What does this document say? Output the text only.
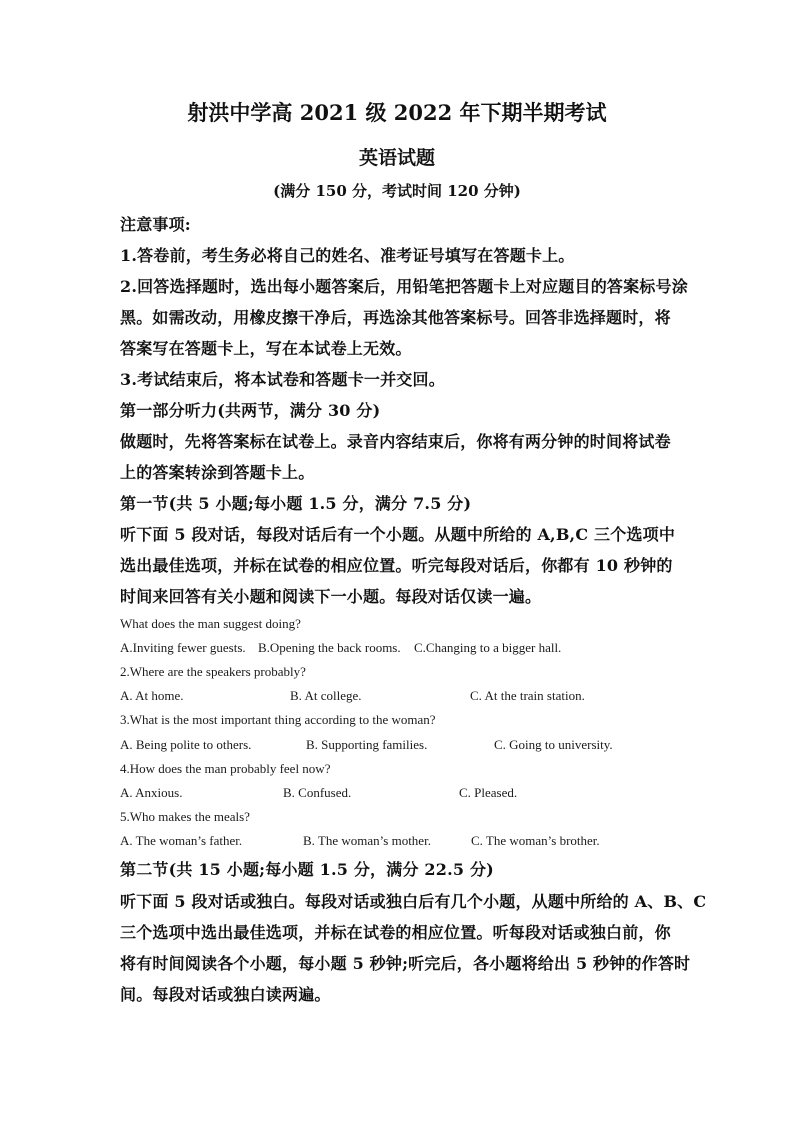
射洪中学高 2021 级 2022 年下期半期考试
英语试题
(满分 150 分，考试时间 120 分钟)
注意事项:
1.答卷前，考生务必将自己的姓名、准考证号填写在答题卡上。
2.回答选择题时，选出每小题答案后，用铅笔把答题卡上对应题目的答案标号涂
黑。如需改动，用橡皮擦干净后，再选涂其他答案标号。回答非选择题时，将
答案写在答题卡上，写在本试卷上无效。
3.考试结束后，将本试卷和答题卡一并交回。
第一部分听力(共两节，满分 30 分)
做题时，先将答案标在试卷上。录音内容结束后，你将有两分钟的时间将试卷
上的答案转涂到答题卡上。
第一节(共 5 小题;每小题 1.5 分，满分 7.5 分)
听下面 5 段对话，每段对话后有一个小题。从题中所给的 A,B,C 三个选项中
选出最佳选项，并标在试卷的相应位置。听完每段对话后，你都有 10 秒钟的
时间来回答有关小题和阅读下一小题。每段对话仅读一遍。
What does the man suggest doing?
A.Inviting fewer guests. B.Opening the back rooms. C.Changing to a bigger hall.
2.Where are the speakers probably?
A. At home.	B. At college.	C. At the train station.
3.What is the most important thing according to the woman?
A. Being polite to others.	B. Supporting families.	C. Going to university.
4.How does the man probably feel now?
A. Anxious.	B. Confused.	C. Pleased.
5.Who makes the meals?
A. The woman’s father.	B. The woman’s mother.	C. The woman’s brother.
第二节(共 15 小题;每小题 1.5 分，满分 22.5 分)
听下面 5 段对话或独白。每段对话或独白后有几个小题，从题中所给的 A、B、C
三个选项中选出最佳选项，并标在试卷的相应位置。听每段对话或独白前，你
将有时间阅读各个小题，每小题 5 秒钟;听完后，各小题将给出 5 秒钟的作答时
间。每段对话或独白读两遍。
